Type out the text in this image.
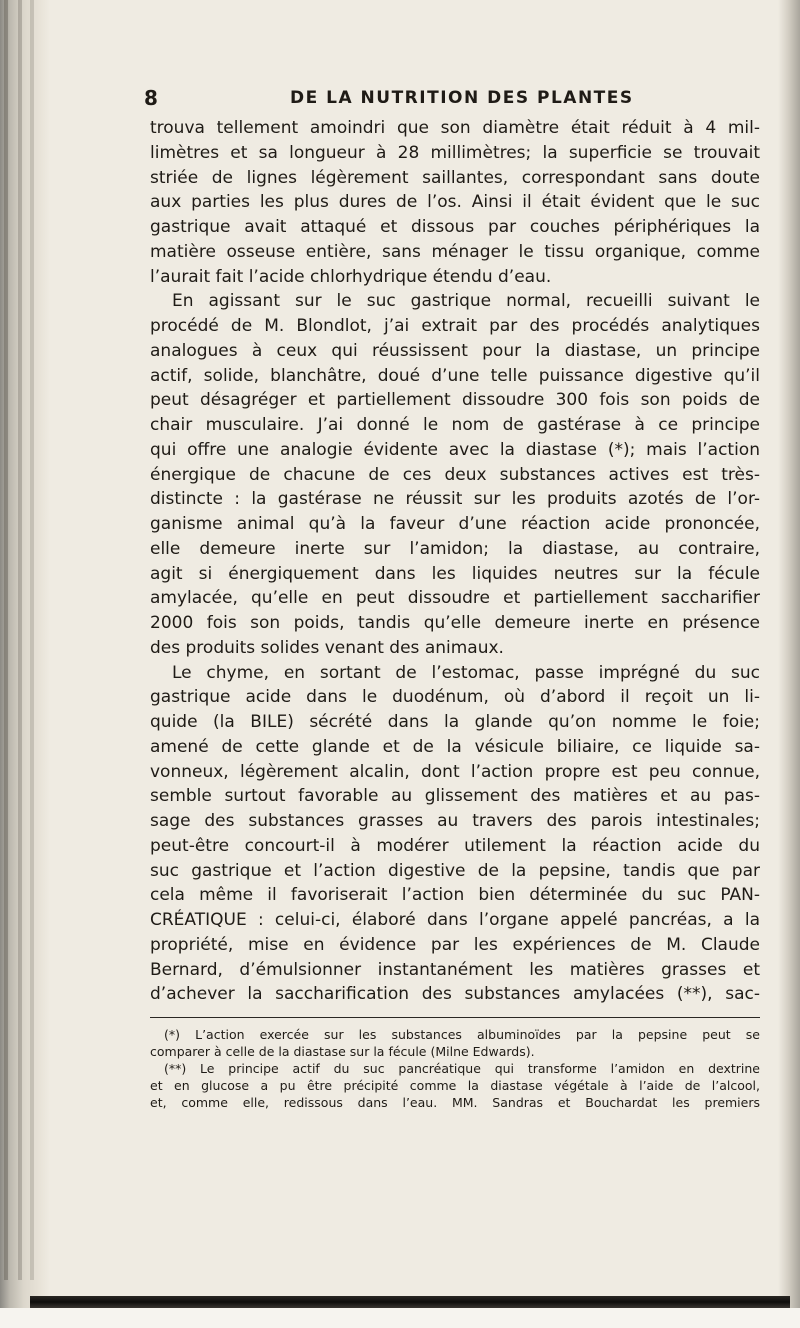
8	DE LA NUTRITION DES PLANTES
trouva tellement amoindri que son diamètre était réduit à 4 mil-
limètres et sa longueur à 28 millimètres; la superficie se trouvait
striée de lignes légèrement saillantes, correspondant sans doute
aux parties les plus dures de l’os. Ainsi il était évident que le suc
gastrique avait attaqué et dissous par couches périphériques la
matière osseuse entière, sans ménager le tissu organique, comme
l’aurait fait l’acide chlorhydrique étendu d’eau.
En agissant sur le suc gastrique normal, recueilli suivant le
procédé de M. Blondlot, j’ai extrait par des procédés analytiques
analogues à ceux qui réussissent pour la diastase, un principe
actif, solide, blanchâtre, doué d’une telle puissance digestive qu’il
peut désagréger et partiellement dissoudre 300 fois son poids de
chair musculaire. J’ai donné le nom de gastérase à ce principe
qui offre une analogie évidente avec la diastase (*); mais l’action
énergique de chacune de ces deux substances actives est très-
distincte : la gastérase ne réussit sur les produits azotés de l’or-
ganisme animal qu’à la faveur d’une réaction acide prononcée,
elle demeure inerte sur l’amidon; la diastase, au contraire,
agit si énergiquement dans les liquides neutres sur la fécule
amylacée, qu’elle en peut dissoudre et partiellement saccharifier
2000 fois son poids, tandis qu’elle demeure inerte en présence
des produits solides venant des animaux.
Le chyme, en sortant de l’estomac, passe imprégné du suc
gastrique acide dans le duodénum, où d’abord il reçoit un li-
quide (la BILE) sécrété dans la glande qu’on nomme le foie;
amené de cette glande et de la vésicule biliaire, ce liquide sa-
vonneux, légèrement alcalin, dont l’action propre est peu connue,
semble surtout favorable au glissement des matières et au pas-
sage des substances grasses au travers des parois intestinales;
peut-être concourt-il à modérer utilement la réaction acide du
suc gastrique et l’action digestive de la pepsine, tandis que par
cela même il favoriserait l’action bien déterminée du suc PAN-
CRÉATIQUE : celui-ci, élaboré dans l’organe appelé pancréas, a la
propriété, mise en évidence par les expériences de M. Claude
Bernard, d’émulsionner instantanément les matières grasses et
d’achever la saccharification des substances amylacées (**), sac-
(*) L’action exercée sur les substances albuminoïdes par la pepsine peut se
comparer à celle de la diastase sur la fécule (Milne Edwards).
(**) Le principe actif du suc pancréatique qui transforme l’amidon en dextrine
et en glucose a pu être précipité comme la diastase végétale à l’aide de l’alcool,
et, comme elle, redissous dans l’eau. MM. Sandras et Bouchardat les premiers
